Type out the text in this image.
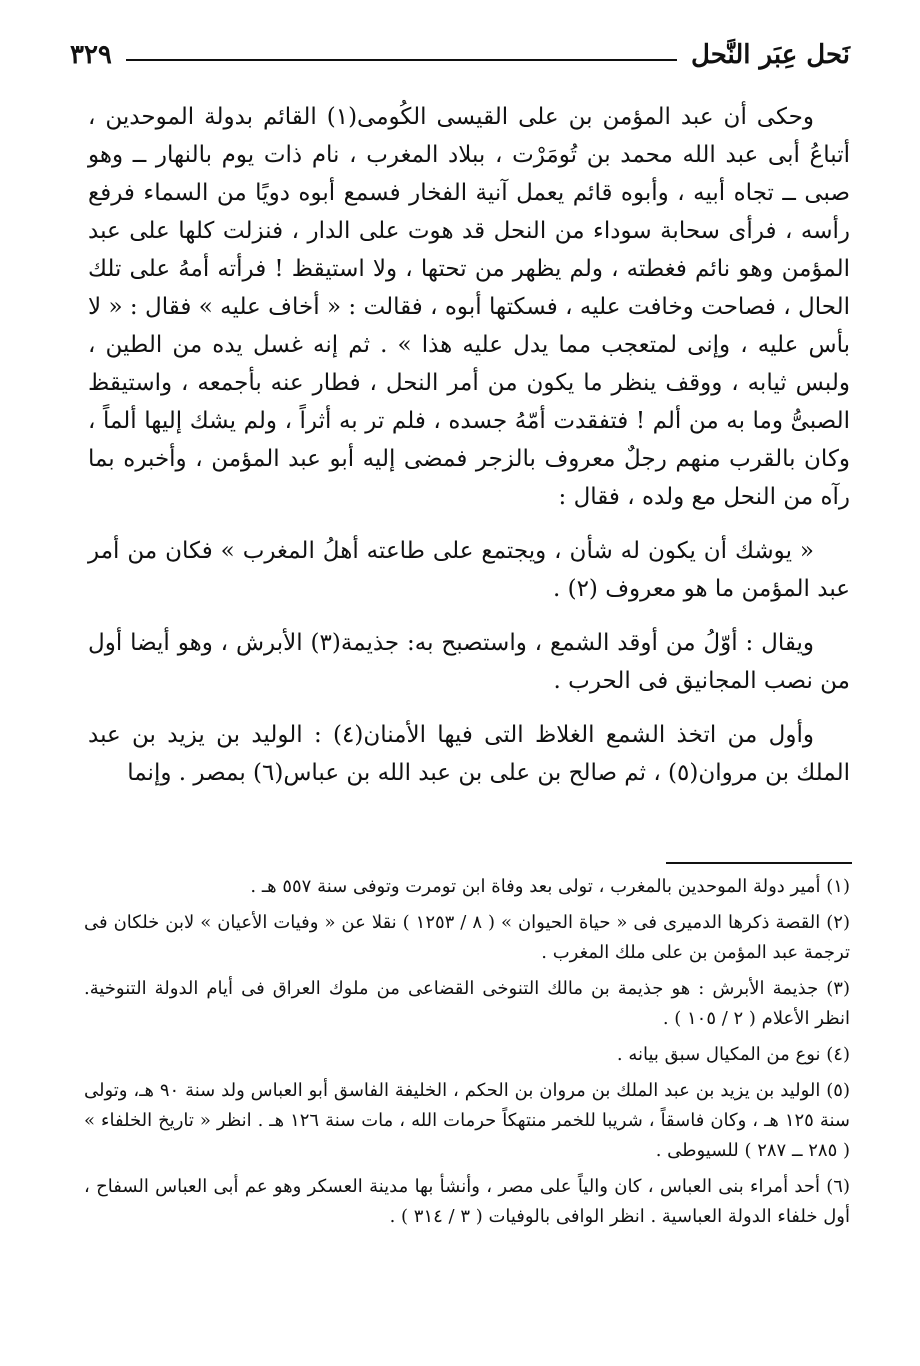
٣٢٩	نَحل عِبَر النَّحل

وحكى أن عبد المؤمن بن على القيسى الكُومى(١) القائم بدولة الموحدين ، أتباعُ أبى عبد الله محمد بن تُومَرْت ، ببلاد المغرب ، نام ذات يوم بالنهار ــ وهو صبى ــ تجاه أبيه ، وأبوه قائم يعمل آنية الفخار فسمع أبوه دويًا من السماء فرفع رأسه ، فرأى سحابة سوداء من النحل قد هوت على الدار ، فنزلت كلها على عبد المؤمن وهو نائم فغطته ، ولم يظهر من تحتها ، ولا استيقظ ! فرأته أمهُ على تلك الحال ، فصاحت وخافت عليه ، فسكتها أبوه ، فقالت : « أخاف عليه » فقال : « لا بأس عليه ، وإنى لمتعجب مما يدل عليه هذا » . ثم إنه غسل يده من الطين ، ولبس ثيابه ، ووقف ينظر ما يكون من أمر النحل ، فطار عنه بأجمعه ، واستيقظ الصبىُّ وما به من ألم ! فتفقدت أمّهُ جسده ، فلم تر به أثراً ، ولم يشك إليها ألماً ، وكان بالقرب منهم رجلٌ معروف بالزجر فمضى إليه أبو عبد المؤمن ، وأخبره بما رآه من النحل مع ولده ، فقال :

« يوشك أن يكون له شأن ، ويجتمع على طاعته أهلُ المغرب » فكان من أمر عبد المؤمن ما هو معروف (٢) .

ويقال : أوّلُ من أوقد الشمع ، واستصبح به: جذيمة(٣) الأبرش ، وهو أيضا أول من نصب المجانيق فى الحرب .

وأول من اتخذ الشمع الغلاظ التى فيها الأمنان(٤) : الوليد بن يزيد بن عبد الملك بن مروان(٥) ، ثم صالح بن على بن عبد الله بن عباس(٦) بمصر . وإنما

(١) أمير دولة الموحدين بالمغرب ، تولى بعد وفاة ابن تومرت وتوفى سنة ٥٥٧ هـ .

(٢) القصة ذكرها الدميرى فى « حياة الحيوان » ( ٨ / ١٢٥٣ ) نقلا عن « وفيات الأعيان » لابن خلكان فى ترجمة عبد المؤمن بن على ملك المغرب .

(٣) جذيمة الأبرش : هو جذيمة بن مالك التنوخى القضاعى من ملوك العراق فى أيام الدولة التنوخية. انظر الأعلام ( ٢ / ١٠٥ ) .

(٤) نوع من المكيال سبق بيانه .

(٥) الوليد بن يزيد بن عبد الملك بن مروان بن الحكم ، الخليفة الفاسق أبو العباس ولد سنة ٩٠ هـ، وتولى سنة ١٢٥ هـ ، وكان فاسقاً ، شريبا للخمر منتهكاً حرمات الله ، مات سنة ١٢٦ هـ . انظر « تاريخ الخلفاء » ( ٢٨٥ ــ ٢٨٧ ) للسيوطى .

(٦) أحد أمراء بنى العباس ، كان والياً على مصر ، وأنشأ بها مدينة العسكر وهو عم أبى العباس السفاح ، أول خلفاء الدولة العباسية . انظر الوافى بالوفيات ( ٣ / ٣١٤ ) .
